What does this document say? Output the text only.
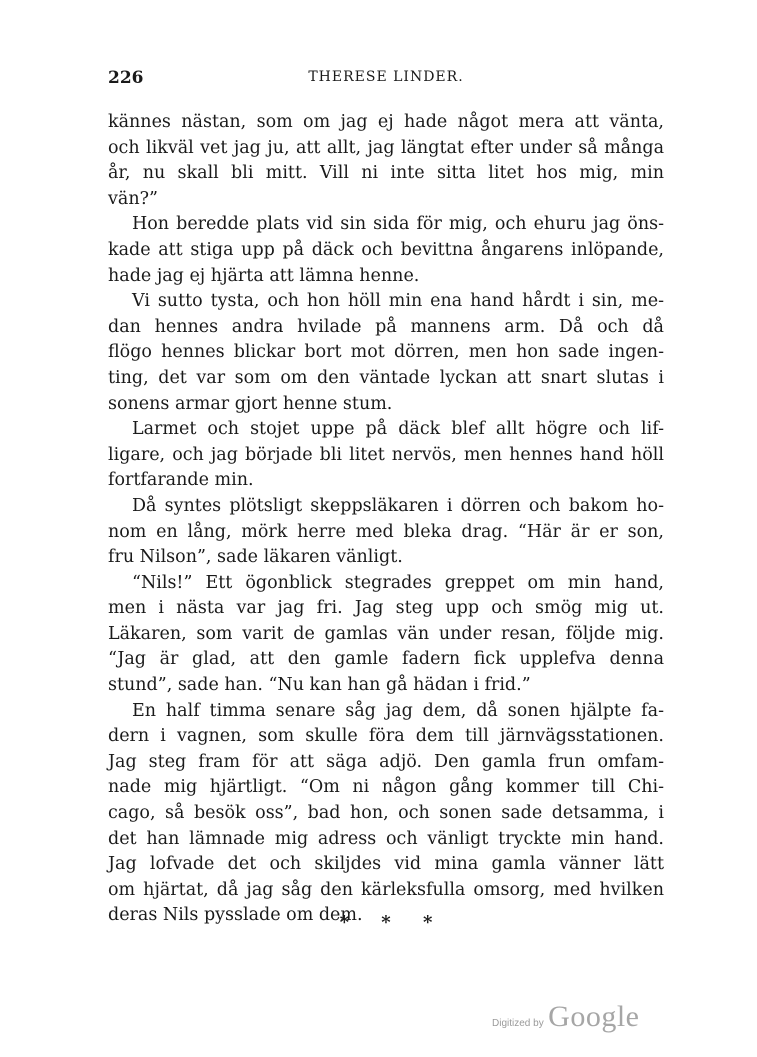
226	THERESE LINDER.
kännes nästan, som om jag ej hade något mera att vänta,
och likväl vet jag ju, att allt, jag längtat efter under så många
år, nu skall bli mitt. Vill ni inte sitta litet hos mig, min
vän?”
Hon beredde plats vid sin sida för mig, och ehuru jag öns-
kade att stiga upp på däck och bevittna ångarens inlöpande,
hade jag ej hjärta att lämna henne.
Vi sutto tysta, och hon höll min ena hand hårdt i sin, me-
dan hennes andra hvilade på mannens arm. Då och då
flögo hennes blickar bort mot dörren, men hon sade ingen-
ting, det var som om den väntade lyckan att snart slutas i
sonens armar gjort henne stum.
Larmet och stojet uppe på däck blef allt högre och lif-
ligare, och jag började bli litet nervös, men hennes hand höll
fortfarande min.
Då syntes plötsligt skeppsläkaren i dörren och bakom ho-
nom en lång, mörk herre med bleka drag. “Här är er son,
fru Nilson”, sade läkaren vänligt.
“Nils!” Ett ögonblick stegrades greppet om min hand,
men i nästa var jag fri. Jag steg upp och smög mig ut.
Läkaren, som varit de gamlas vän under resan, följde mig.
“Jag är glad, att den gamle fadern fick upplefva denna
stund”, sade han. “Nu kan han gå hädan i frid.”
En half timma senare såg jag dem, då sonen hjälpte fa-
dern i vagnen, som skulle föra dem till järnvägsstationen.
Jag steg fram för att säga adjö. Den gamla frun omfam-
nade mig hjärtligt. “Om ni någon gång kommer till Chi-
cago, så besök oss”, bad hon, och sonen sade detsamma, i
det han lämnade mig adress och vänligt tryckte min hand.
Jag lofvade det och skiljdes vid mina gamla vänner lätt
om hjärtat, då jag såg den kärleksfulla omsorg, med hvilken
deras Nils pysslade om dem.
* * *
Digitized by Google
